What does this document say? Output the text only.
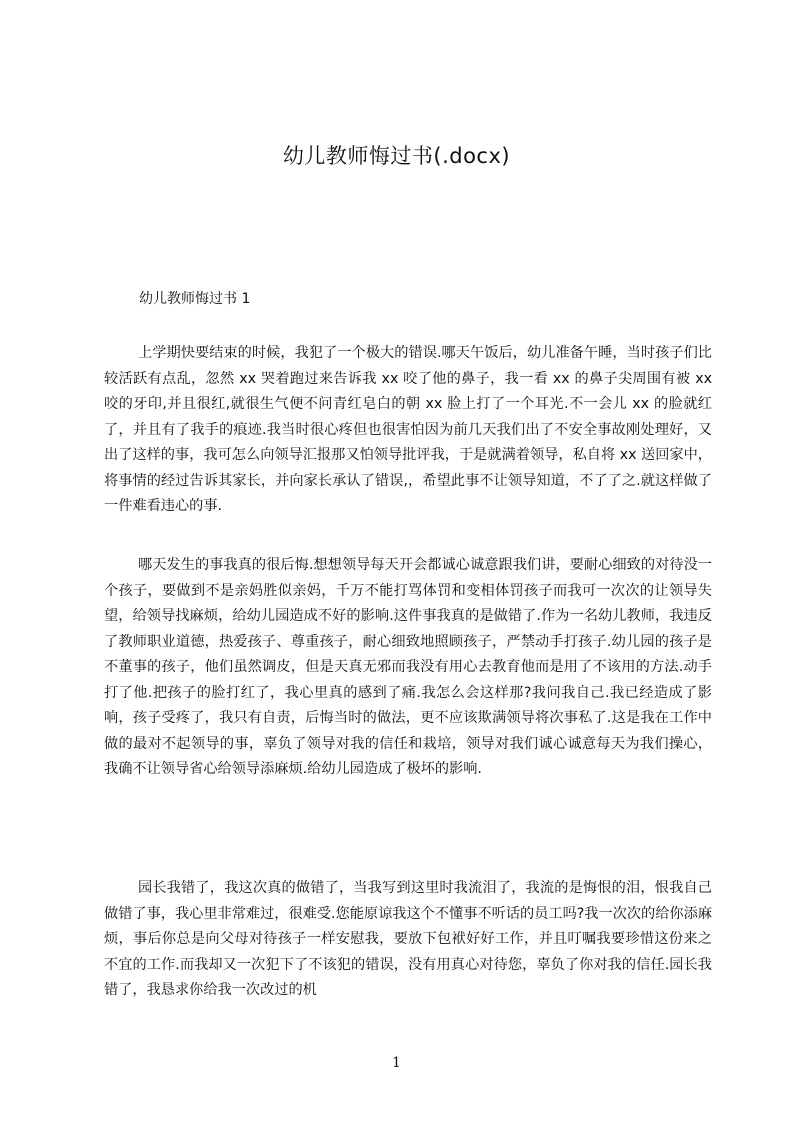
幼儿教师悔过书(.docx)
幼儿教师悔过书 1

上学期快要结束的时候，我犯了一个极大的错误.哪天午饭后，幼儿准备午睡，当时孩子们比较活跃有点乱，忽然 xx 哭着跑过来告诉我 xx 咬了他的鼻子，我一看 xx 的鼻子尖周围有被 xx 咬的牙印,并且很红,就很生气便不问青红皂白的朝 xx 脸上打了一个耳光.不一会儿 xx 的脸就红了，并且有了我手的痕迹.我当时很心疼但也很害怕因为前几天我们出了不安全事故刚处理好，又出了这样的事，我可怎么向领导汇报那又怕领导批评我，于是就满着领导，私自将 xx 送回家中，将事情的经过告诉其家长，并向家长承认了错误,，希望此事不让领导知道，不了了之.就这样做了一件难看违心的事.

哪天发生的事我真的很后悔.想想领导每天开会都诚心诚意跟我们讲，要耐心细致的对待没一个孩子，要做到不是亲妈胜似亲妈，千万不能打骂体罚和变相体罚孩子而我可一次次的让领导失望，给领导找麻烦，给幼儿园造成不好的影响.这件事我真的是做错了.作为一名幼儿教师，我违反了教师职业道德，热爱孩子、尊重孩子，耐心细致地照顾孩子，严禁动手打孩子.幼儿园的孩子是不董事的孩子，他们虽然调皮，但是天真无邪而我没有用心去教育他而是用了不该用的方法.动手打了他.把孩子的脸打红了，我心里真的感到了痛.我怎么会这样那?我问我自己.我已经造成了影响，孩子受疼了，我只有自责，后悔当时的做法，更不应该欺满领导将次事私了.这是我在工作中做的最对不起领导的事，辜负了领导对我的信任和栽培，领导对我们诚心诚意每天为我们操心，我确不让领导省心给领导添麻烦.给幼儿园造成了极坏的影响.

园长我错了，我这次真的做错了，当我写到这里时我流泪了，我流的是悔恨的泪，恨我自己做错了事，我心里非常难过，很难受.您能原谅我这个不懂事不听话的员工吗?我一次次的给你添麻烦，事后你总是向父母对待孩子一样安慰我，要放下包袱好好工作，并且叮嘱我要珍惜这份来之不宜的工作.而我却又一次犯下了不该犯的错误，没有用真心对待您，辜负了你对我的信任.园长我错了，我恳求你给我一次改过的机

1
